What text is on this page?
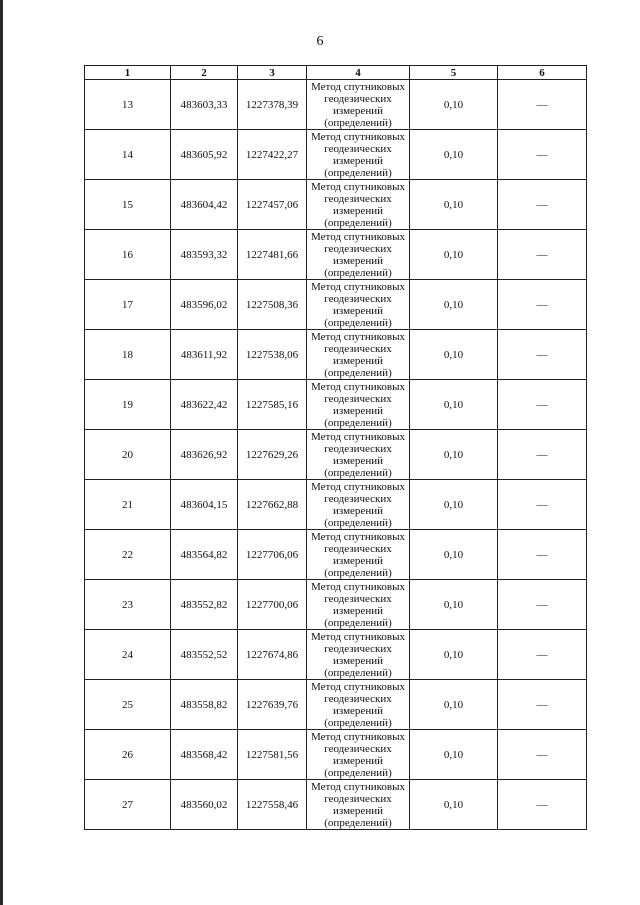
6
1	2	3	4	5	6
13	483603,33	1227378,39	Метод спутниковых
геодезических
измерений
(определений)	0,10	—
14	483605,92	1227422,27	Метод спутниковых
геодезических
измерений
(определений)	0,10	—
15	483604,42	1227457,06	Метод спутниковых
геодезических
измерений
(определений)	0,10	—
16	483593,32	1227481,66	Метод спутниковых
геодезических
измерений
(определений)	0,10	—
17	483596,02	1227508,36	Метод спутниковых
геодезических
измерений
(определений)	0,10	—
18	483611,92	1227538,06	Метод спутниковых
геодезических
измерений
(определений)	0,10	—
19	483622,42	1227585,16	Метод спутниковых
геодезических
измерений
(определений)	0,10	—
20	483626,92	1227629,26	Метод спутниковых
геодезических
измерений
(определений)	0,10	—
21	483604,15	1227662,88	Метод спутниковых
геодезических
измерений
(определений)	0,10	—
22	483564,82	1227706,06	Метод спутниковых
геодезических
измерений
(определений)	0,10	—
23	483552,82	1227700,06	Метод спутниковых
геодезических
измерений
(определений)	0,10	—
24	483552,52	1227674,86	Метод спутниковых
геодезических
измерений
(определений)	0,10	—
25	483558,82	1227639,76	Метод спутниковых
геодезических
измерений
(определений)	0,10	—
26	483568,42	1227581,56	Метод спутниковых
геодезических
измерений
(определений)	0,10	—
27	483560,02	1227558,46	Метод спутниковых
геодезических
измерений
(определений)	0,10	—
